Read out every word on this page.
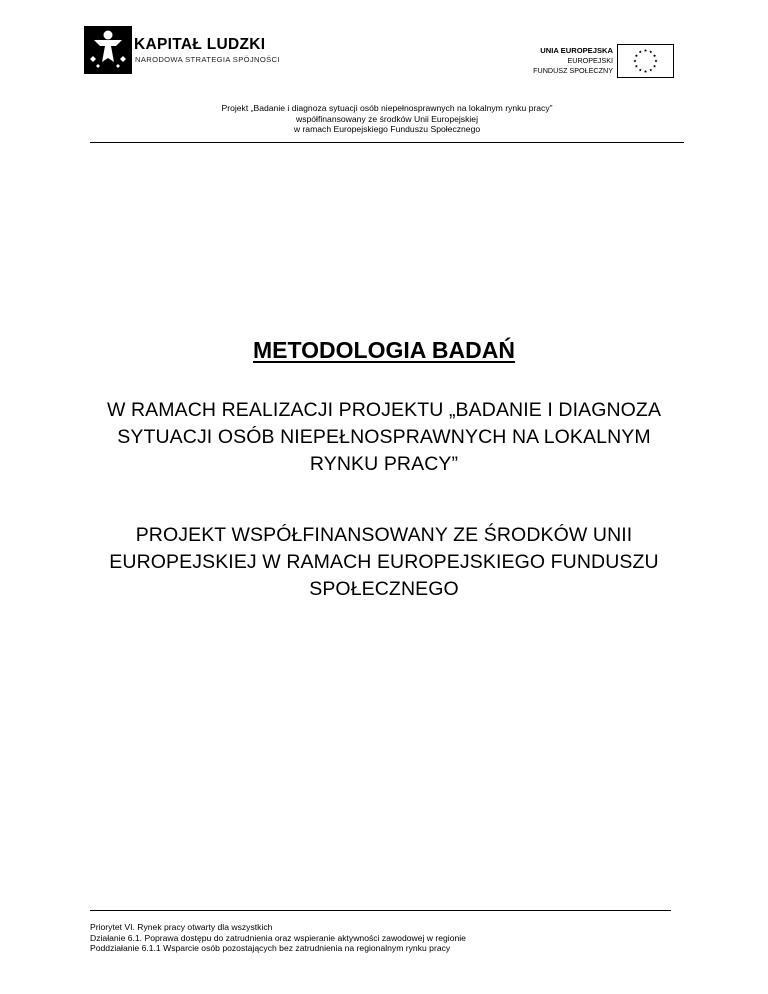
KAPITAŁ LUDZKI
NARODOWA STRATEGIA SPÓJNOŚCI
UNIA EUROPEJSKA
EUROPEJSKI
FUNDUSZ SPOŁECZNY
Projekt „Badanie i diagnoza sytuacji osób niepełnosprawnych na lokalnym rynku pracy”
współfinansowany ze środków Unii Europejskiej
w ramach Europejskiego Funduszu Społecznego
METODOLOGIA BADAŃ
W RAMACH REALIZACJI PROJEKTU „BADANIE I DIAGNOZA
SYTUACJI OSÓB NIEPEŁNOSPRAWNYCH NA LOKALNYM
RYNKU PRACY”
PROJEKT WSPÓŁFINANSOWANY ZE ŚRODKÓW UNII
EUROPEJSKIEJ W RAMACH EUROPEJSKIEGO FUNDUSZU
SPOŁECZNEGO
Priorytet VI. Rynek pracy otwarty dla wszystkich
Działanie 6.1. Poprawa dostępu do zatrudnienia oraz wspieranie aktywności zawodowej w regionie
Poddziałanie 6.1.1 Wsparcie osób pozostających bez zatrudnienia na regionalnym rynku pracy
